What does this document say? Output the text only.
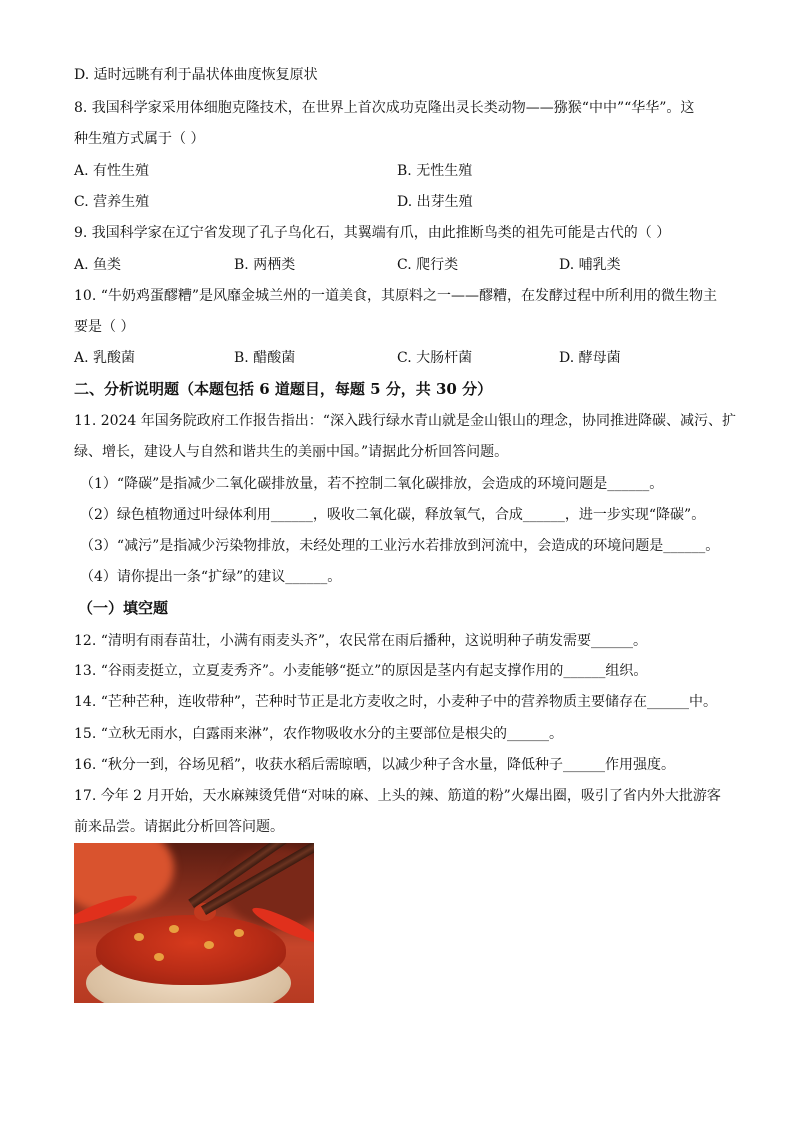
D. 适时远眺有利于晶状体曲度恢复原状
8. 我国科学家采用体细胞克隆技术，在世界上首次成功克隆出灵长类动物——猕猴“中中”“华华”。这
种生殖方式属于（ ）
A. 有性生殖	B. 无性生殖
C. 营养生殖	D. 出芽生殖
9. 我国科学家在辽宁省发现了孔子鸟化石，其翼端有爪，由此推断鸟类的祖先可能是古代的（ ）
A. 鱼类	B. 两栖类	C. 爬行类	D. 哺乳类
10. “牛奶鸡蛋醪糟”是风靡金城兰州的一道美食，其原料之一——醪糟，在发酵过程中所利用的微生物主
要是（ ）
A. 乳酸菌	B. 醋酸菌	C. 大肠杆菌	D. 酵母菌
二、分析说明题（本题包括 6 道题目，每题 5 分，共 30 分）
11. 2024 年国务院政府工作报告指出：“深入践行绿水青山就是金山银山的理念，协同推进降碳、减污、扩
绿、增长，建设人与自然和谐共生的美丽中国。”请据此分析回答问题。
（1）“降碳”是指减少二氧化碳排放量，若不控制二氧化碳排放，会造成的环境问题是______。
（2）绿色植物通过叶绿体利用______，吸收二氧化碳，释放氧气，合成______，进一步实现“降碳”。
（3）“减污”是指减少污染物排放，未经处理的工业污水若排放到河流中，会造成的环境问题是______。
（4）请你提出一条“扩绿”的建议______。
（一）填空题
12. “清明有雨春苗壮，小满有雨麦头齐”，农民常在雨后播种，这说明种子萌发需要______。
13. “谷雨麦挺立，立夏麦秀齐”。小麦能够“挺立”的原因是茎内有起支撑作用的______组织。
14. “芒种芒种，连收带种”，芒种时节正是北方麦收之时，小麦种子中的营养物质主要储存在______中。
15. “立秋无雨水，白露雨来淋”，农作物吸收水分的主要部位是根尖的______。
16. “秋分一到，谷场见稻”，收获水稻后需晾晒，以减少种子含水量，降低种子______作用强度。
17. 今年 2 月开始，天水麻辣烫凭借“对味的麻、上头的辣、筋道的粉”火爆出圈，吸引了省内外大批游客
前来品尝。请据此分析回答问题。
